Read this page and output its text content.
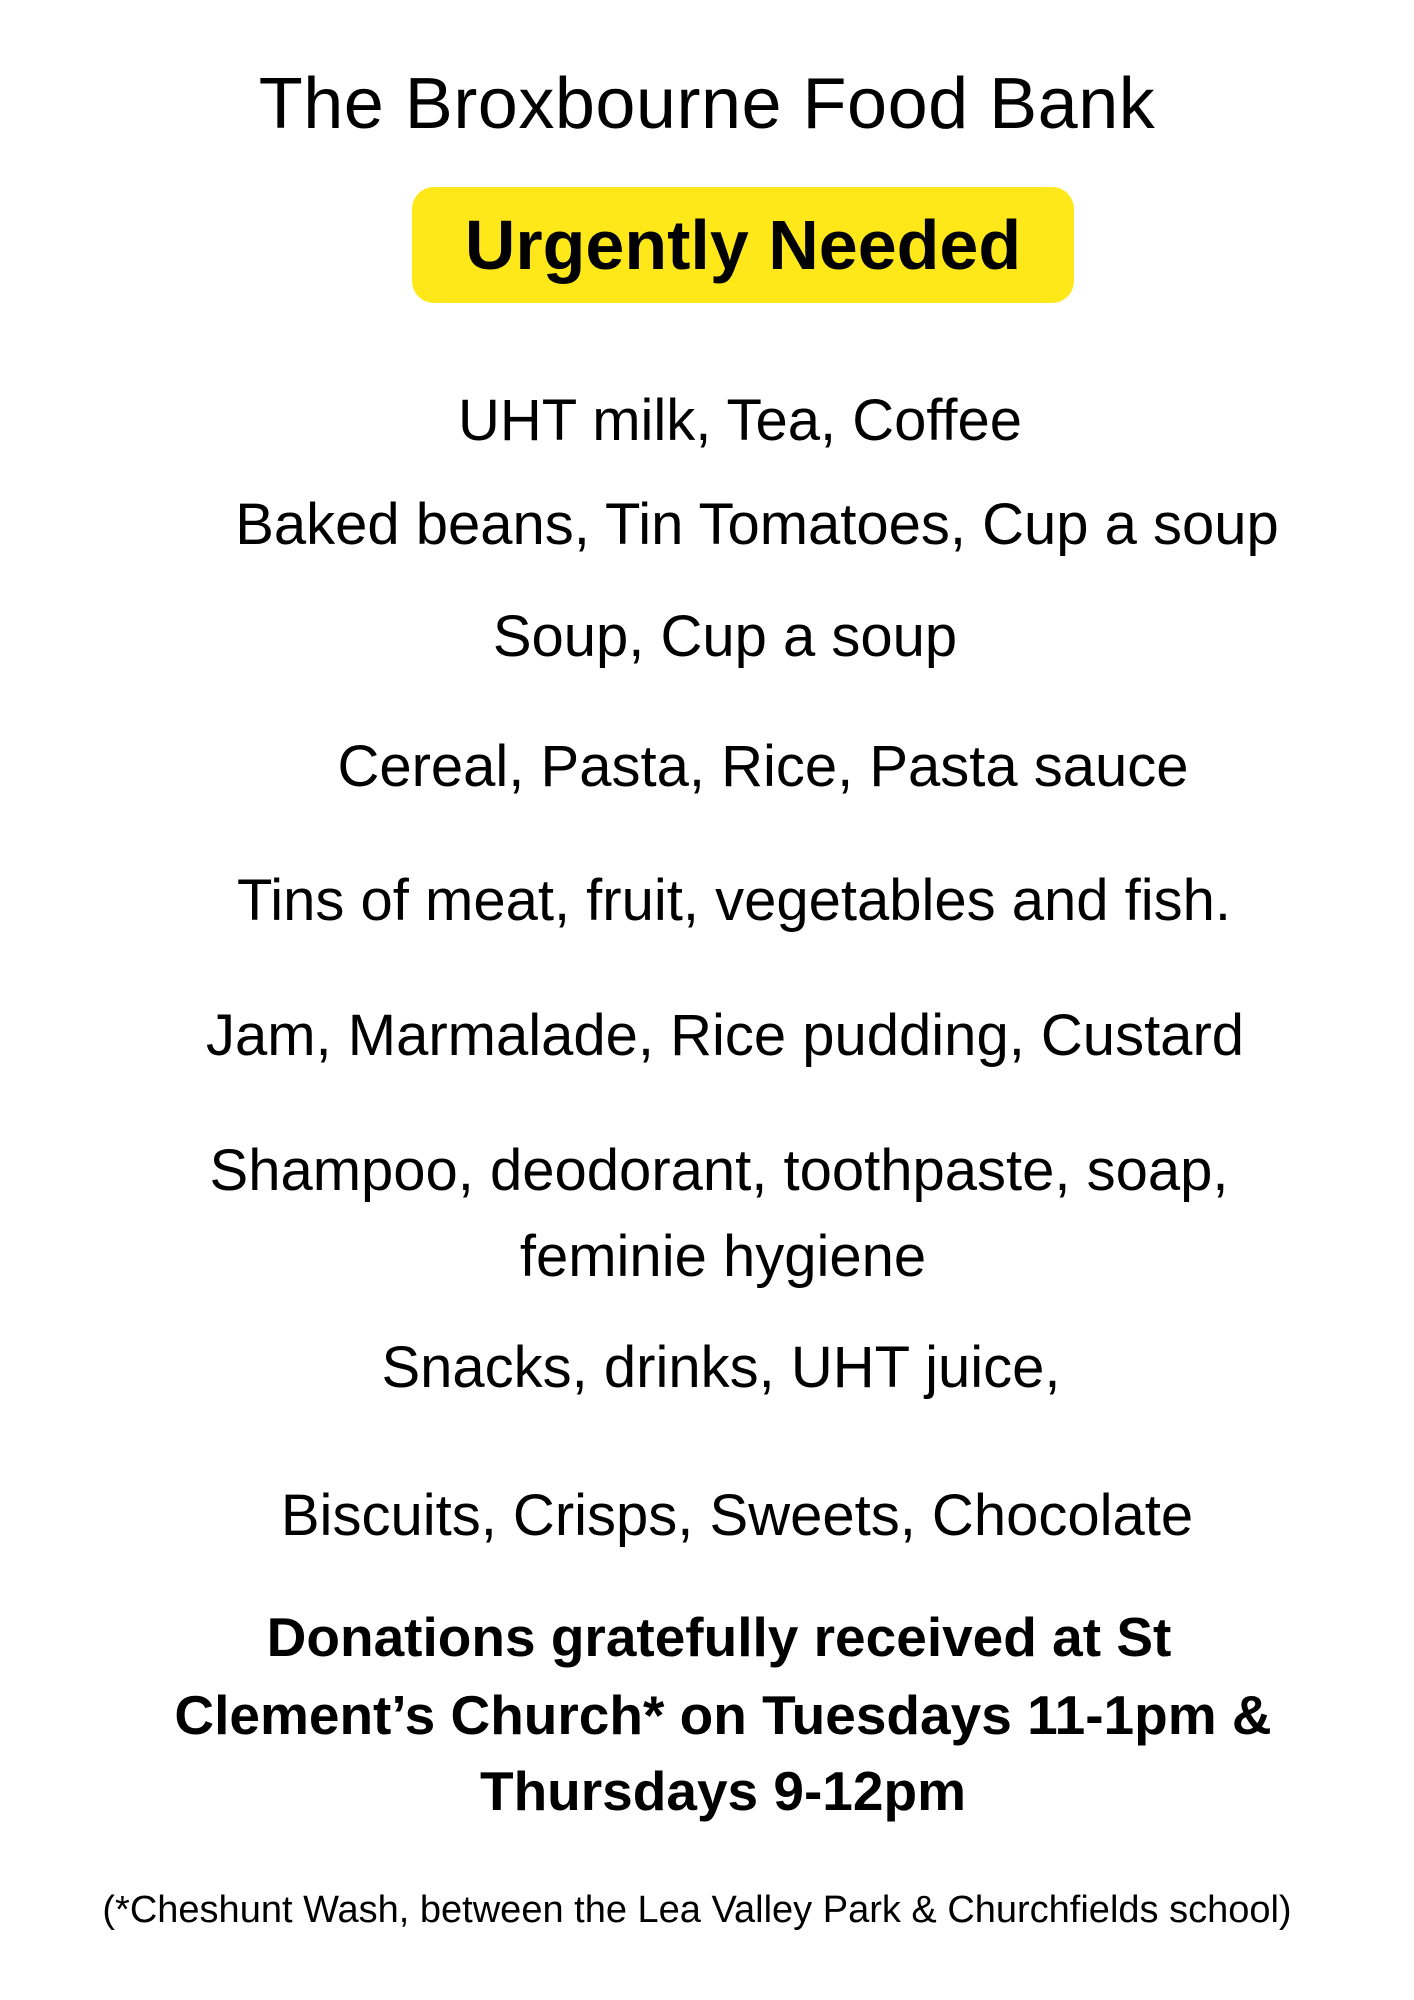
The Broxbourne Food Bank
Urgently Needed
UHT milk, Tea, Coffee
Baked beans, Tin Tomatoes, Cup a soup
Soup, Cup a soup
Cereal, Pasta, Rice, Pasta sauce
Tins of meat, fruit, vegetables and fish.
Jam, Marmalade, Rice pudding, Custard
Shampoo, deodorant, toothpaste, soap,
feminie hygiene
Snacks, drinks, UHT juice,
Biscuits, Crisps, Sweets, Chocolate
Donations gratefully received at St
Clement’s Church* on Tuesdays 11-1pm &
Thursdays 9-12pm
(*Cheshunt Wash, between the Lea Valley Park & Churchfields school)
